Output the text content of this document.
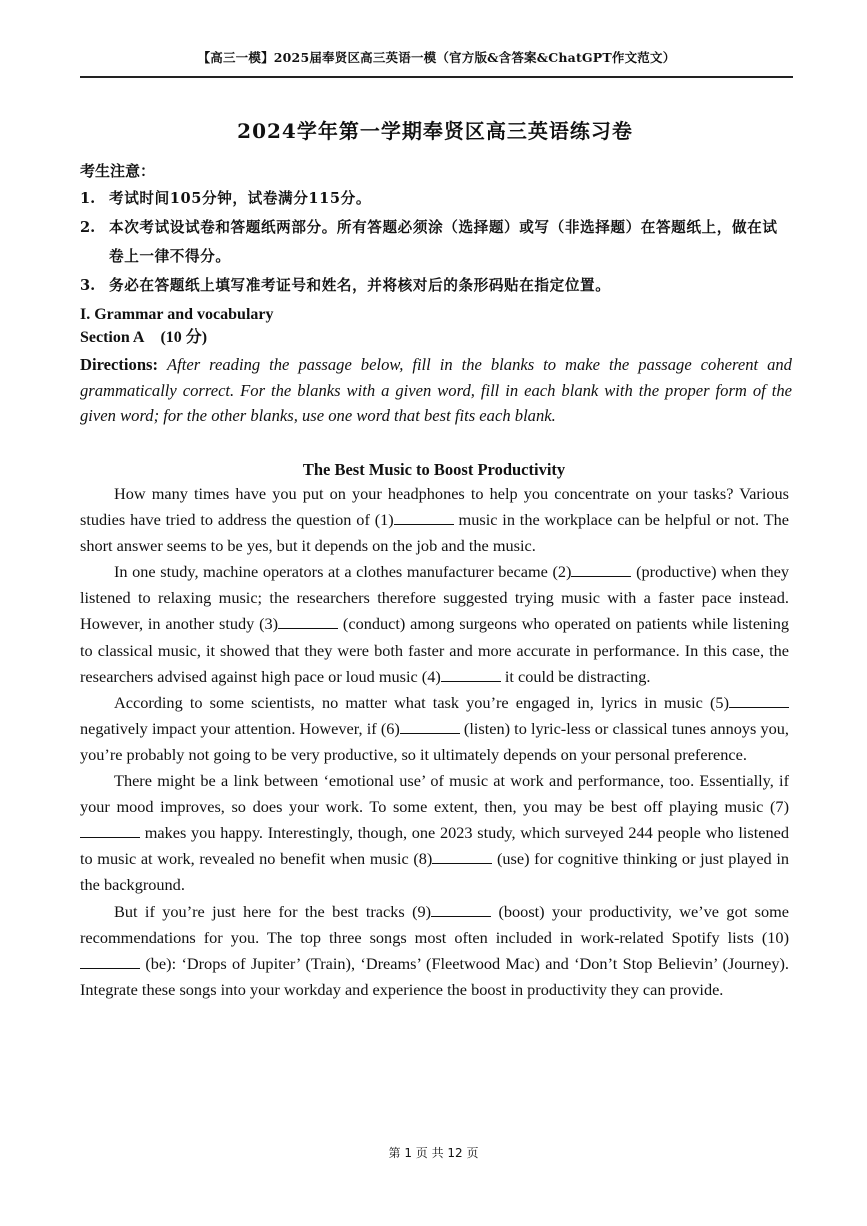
【高三一模】2025届奉贤区高三英语一模（官方版&含答案&ChatGPT作文范文）
2024学年第一学期奉贤区高三英语练习卷
考生注意：
1. 考试时间105分钟，试卷满分115分。
2. 本次考试设试卷和答题纸两部分。所有答题必须涂（选择题）或写（非选择题）在答题纸上，做在试卷上一律不得分。
3. 务必在答题纸上填写准考证号和姓名，并将核对后的条形码贴在指定位置。
I. Grammar and vocabulary
Section A (10 分)
Directions: After reading the passage below, fill in the blanks to make the passage coherent and grammatically correct. For the blanks with a given word, fill in each blank with the proper form of the given word; for the other blanks, use one word that best fits each blank.
The Best Music to Boost Productivity

How many times have you put on your headphones to help you concentrate on your tasks? Various studies have tried to address the question of (1)	music in the workplace can be helpful or not. The short answer seems to be yes, but it depends on the job and the music.

In one study, machine operators at a clothes manufacturer became (2)	(productive) when they listened to relaxing music; the researchers therefore suggested trying music with a faster pace instead. However, in another study (3)	(conduct) among surgeons who operated on patients while listening to classical music, it showed that they were both faster and more accurate in performance. In this case, the researchers advised against high pace or loud music (4)	it could be distracting.

According to some scientists, no matter what task you’re engaged in, lyrics in music (5) negatively impact your attention. However, if (6)	(listen) to lyric-less or classical tunes annoys you, you’re probably not going to be very productive, so it ultimately depends on your personal preference.

There might be a link between ‘emotional use’ of music at work and performance, too. Essentially, if your mood improves, so does your work. To some extent, then, you may be best off playing music (7) makes you happy. Interestingly, though, one 2023 study, which surveyed 244 people who listened to music at work, revealed no benefit when music (8)	(use) for cognitive thinking or just played in the background.

But if you’re just here for the best tracks (9)	(boost) your productivity, we’ve got some recommendations for you. The top three songs most often included in work-related Spotify lists (10) (be): ‘Drops of Jupiter’ (Train), ‘Dreams’ (Fleetwood Mac) and ‘Don’t Stop Believin’ (Journey). Integrate these songs into your workday and experience the boost in productivity they can provide.

第 1 页 共 12 页
